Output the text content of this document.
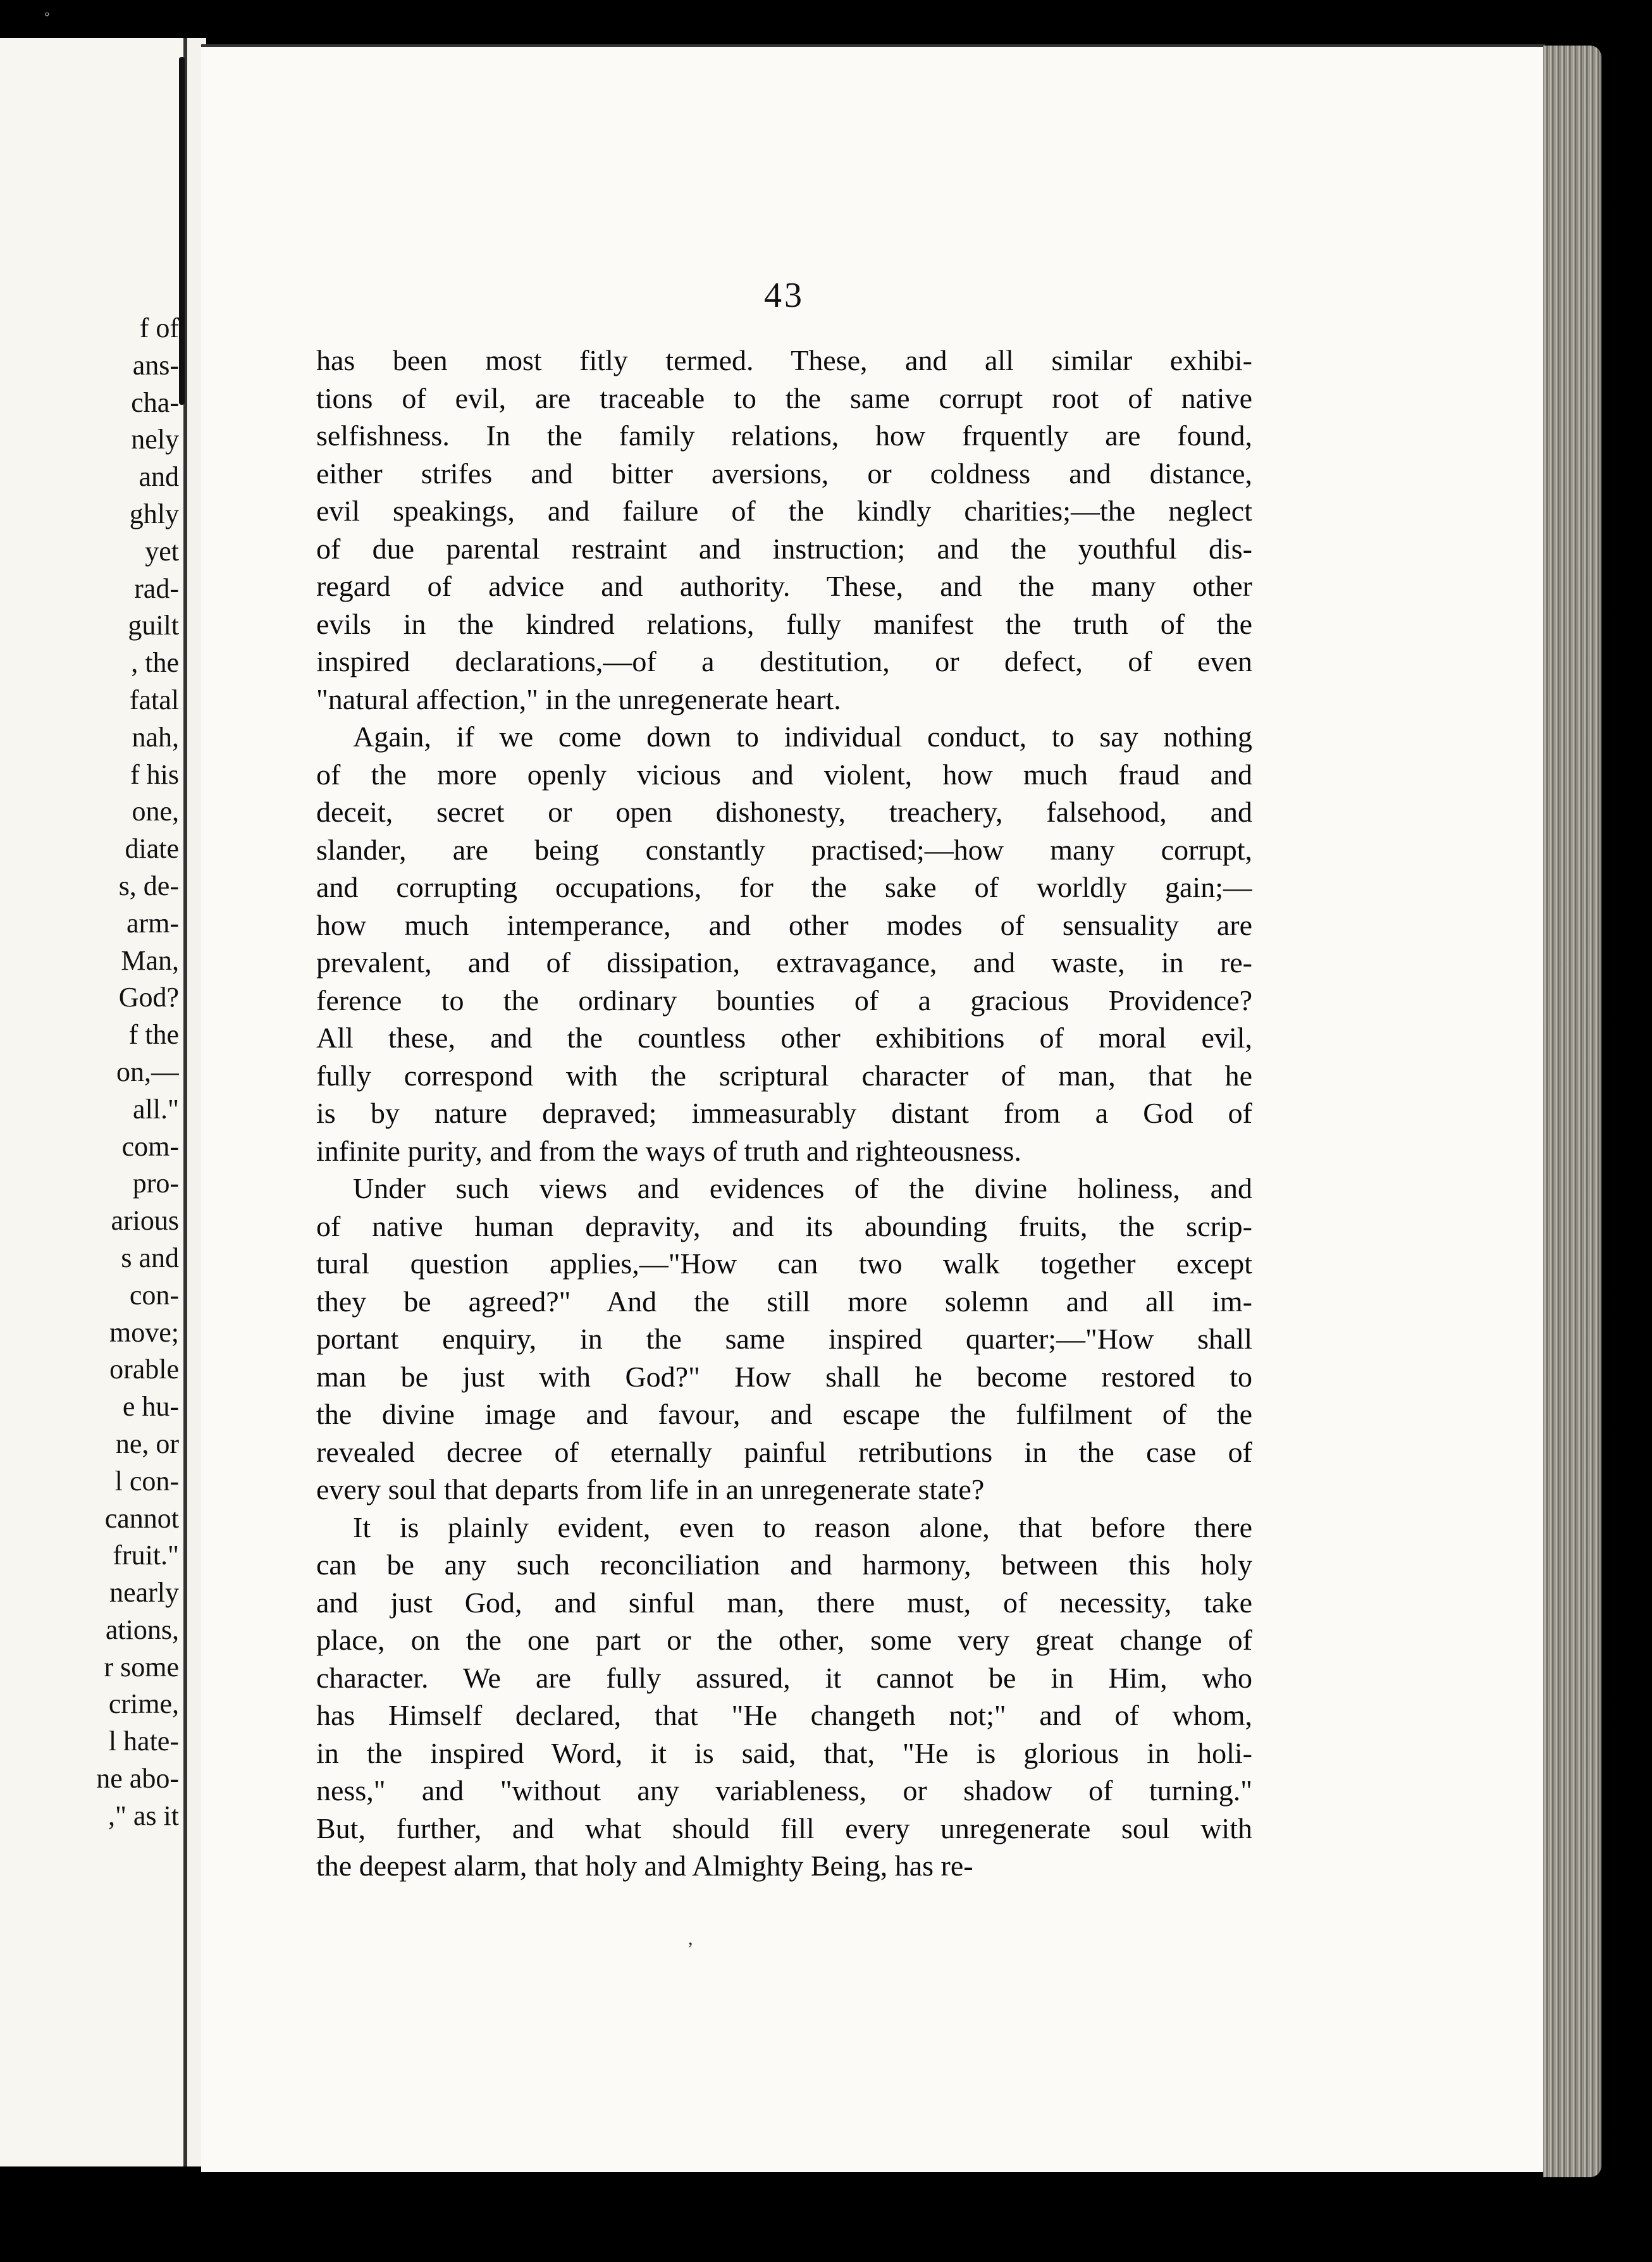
◦
f of
ans-
cha-
nely
and
ghly
yet
rad-
guilt
, the
fatal
nah,
f his
one,
diate
s, de-
arm-
Man,
God?
f the
on,—
all."
com-
pro-
arious
s and
con-
move;
orable
e hu-
ne, or
l con-
cannot
fruit."
nearly
ations,
r some
crime,
l hate-
ne abo-
," as it
43
has been most fitly termed. These, and all similar exhibi-
tions of evil, are traceable to the same corrupt root of native
selfishness. In the family relations, how frquently are found,
either strifes and bitter aversions, or coldness and distance,
evil speakings, and failure of the kindly charities;—the neglect
of due parental restraint and instruction; and the youthful dis-
regard of advice and authority. These, and the many other
evils in the kindred relations, fully manifest the truth of the
inspired declarations,—of a destitution, or defect, of even
"natural affection," in the unregenerate heart.
Again, if we come down to individual conduct, to say nothing
of the more openly vicious and violent, how much fraud and
deceit, secret or open dishonesty, treachery, falsehood, and
slander, are being constantly practised;—how many corrupt,
and corrupting occupations, for the sake of worldly gain;—
how much intemperance, and other modes of sensuality are
prevalent, and of dissipation, extravagance, and waste, in re-
ference to the ordinary bounties of a gracious Providence?
All these, and the countless other exhibitions of moral evil,
fully correspond with the scriptural character of man, that he
is by nature depraved; immeasurably distant from a God of
infinite purity, and from the ways of truth and righteousness.
Under such views and evidences of the divine holiness, and
of native human depravity, and its abounding fruits, the scrip-
tural question applies,—"How can two walk together except
they be agreed?" And the still more solemn and all im-
portant enquiry, in the same inspired quarter;—"How shall
man be just with God?" How shall he become restored to
the divine image and favour, and escape the fulfilment of the
revealed decree of eternally painful retributions in the case of
every soul that departs from life in an unregenerate state?
It is plainly evident, even to reason alone, that before there
can be any such reconciliation and harmony, between this holy
and just God, and sinful man, there must, of necessity, take
place, on the one part or the other, some very great change of
character. We are fully assured, it cannot be in Him, who
has Himself declared, that "He changeth not;" and of whom,
in the inspired Word, it is said, that, "He is glorious in holi-
ness," and "without any variableness, or shadow of turning."
But, further, and what should fill every unregenerate soul with
the deepest alarm, that holy and Almighty Being, has re-
,
